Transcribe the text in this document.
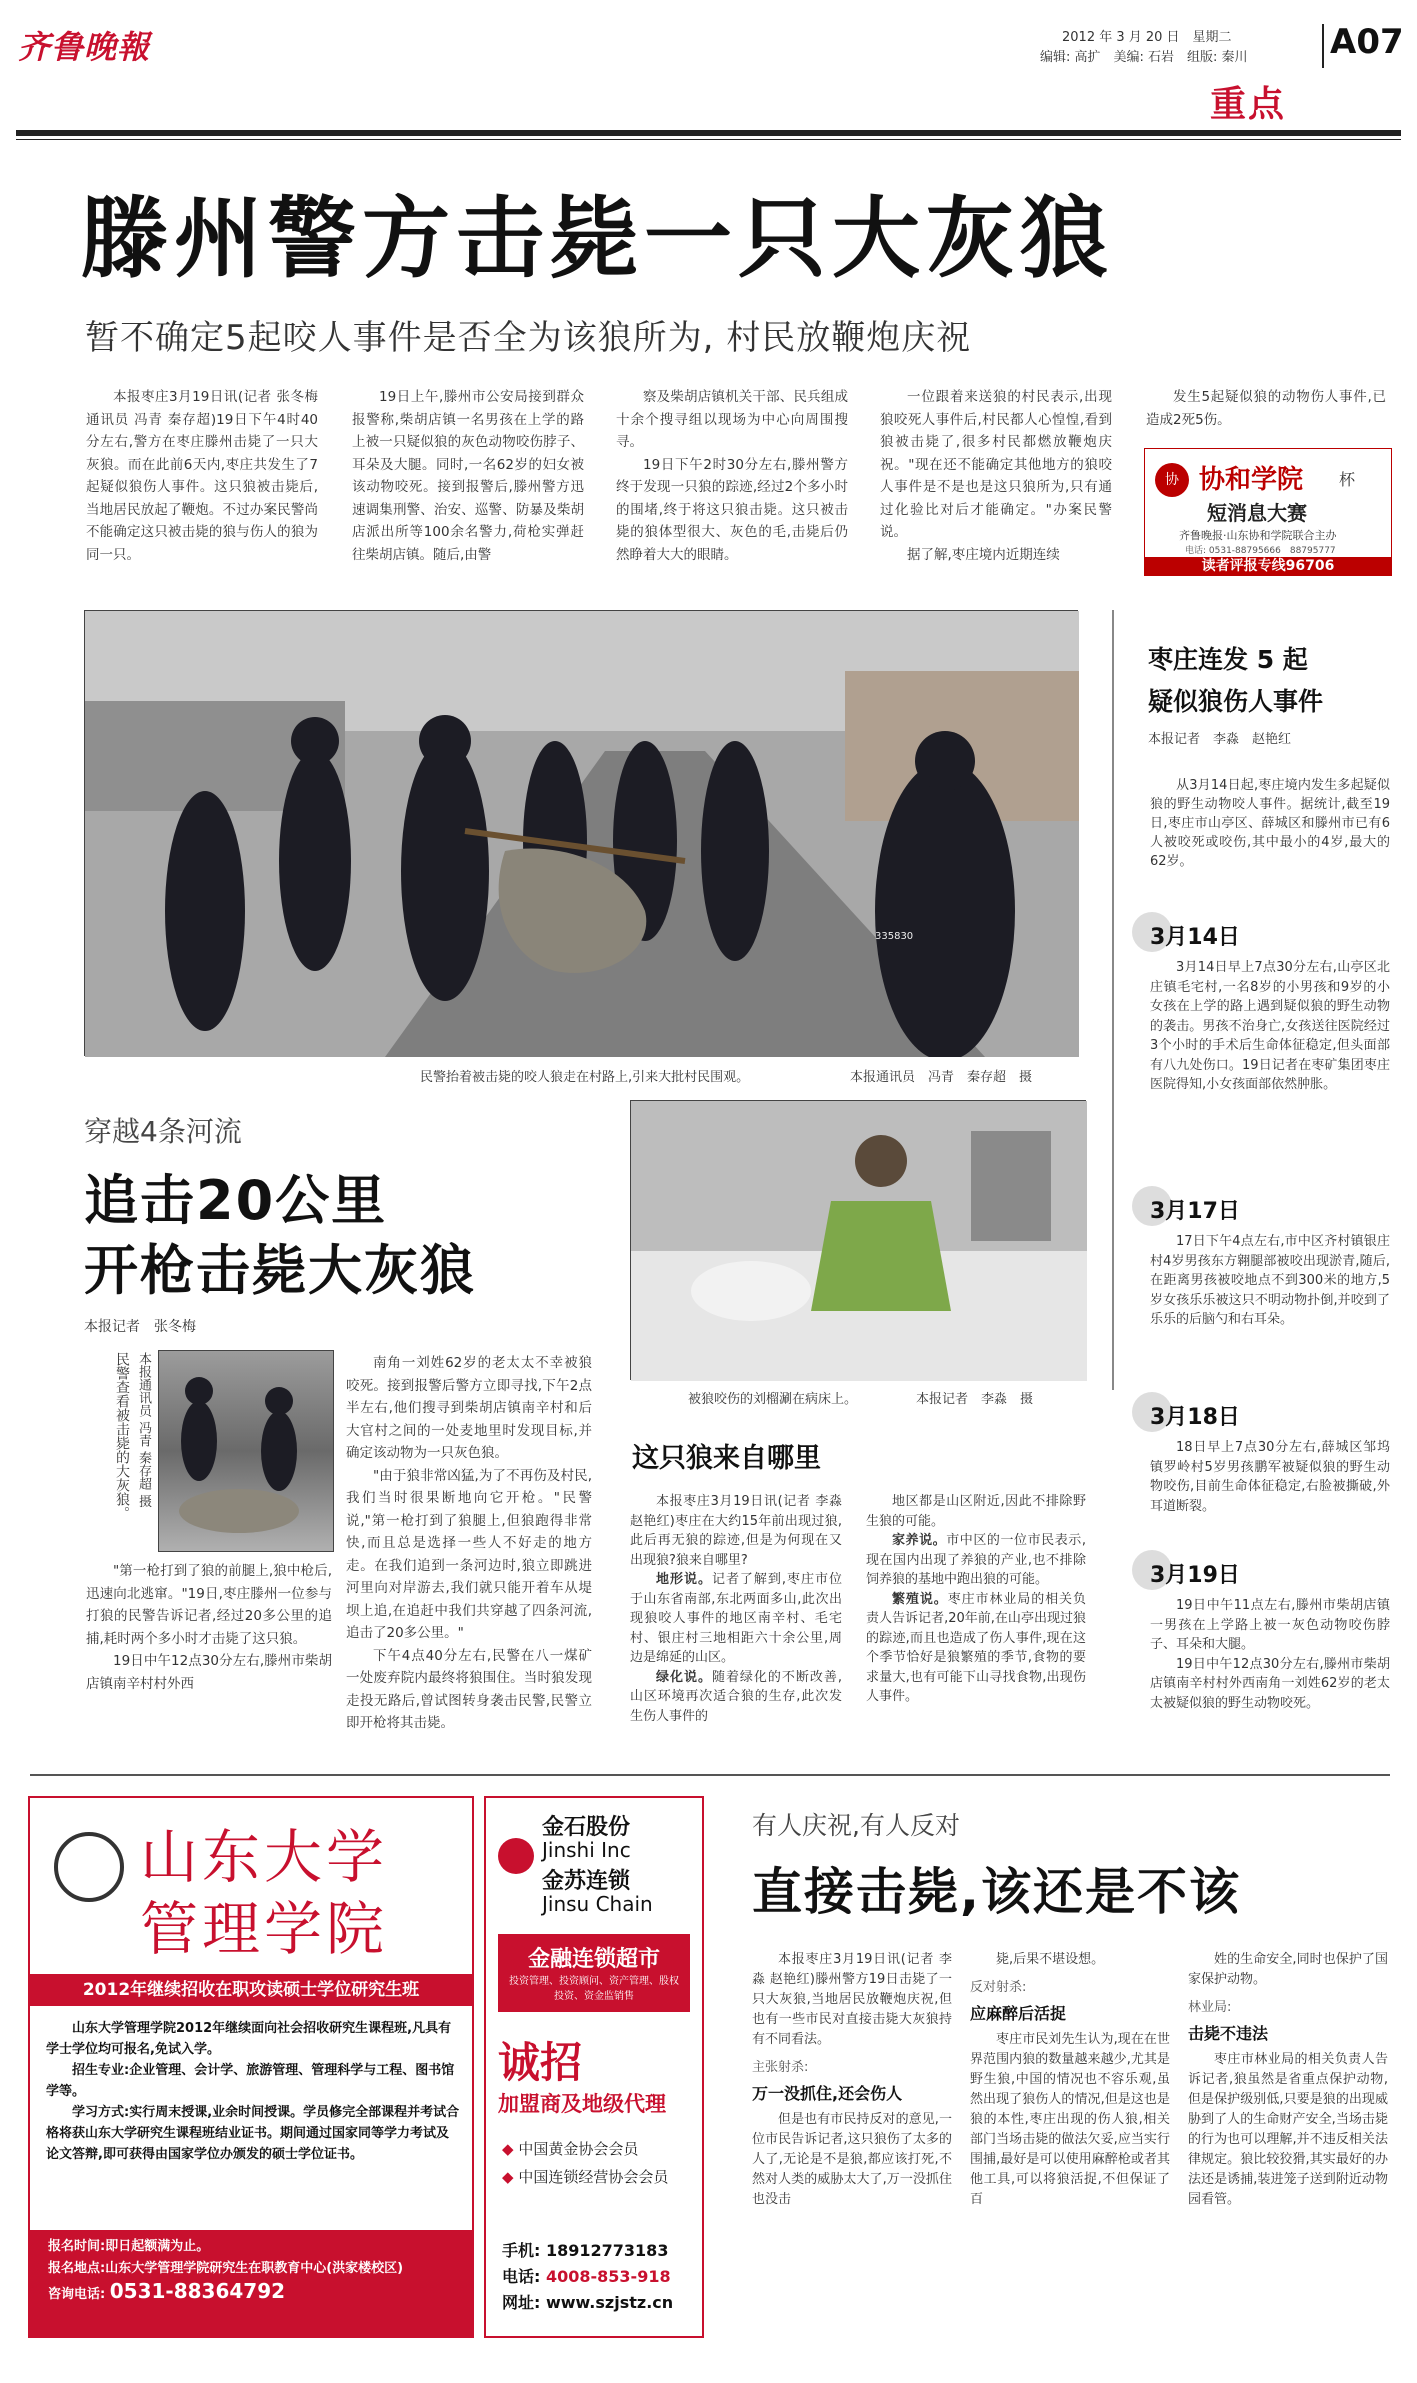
齐鲁晚報	2012 年 3 月 20 日　星期二
编辑: 高扩　美编: 石岩　组版: 秦川	A07
重点
滕州警方击毙一只大灰狼
暂不确定5起咬人事件是否全为该狼所为, 村民放鞭炮庆祝

本报枣庄3月19日讯(记者 张冬梅 通讯员 冯青 秦存超)19日下午4时40分左右,警方在枣庄滕州击毙了一只大灰狼。而在此前6天内,枣庄共发生了7起疑似狼伤人事件。这只狼被击毙后,当地居民放起了鞭炮。不过办案民警尚不能确定这只被击毙的狼与伤人的狼为同一只。

19日上午,滕州市公安局接到群众报警称,柴胡店镇一名男孩在上学的路上被一只疑似狼的灰色动物咬伤脖子、耳朵及大腿。同时,一名62岁的妇女被该动物咬死。接到报警后,滕州警方迅速调集刑警、治安、巡警、防暴及柴胡店派出所等100余名警力,荷枪实弹赶往柴胡店镇。随后,由警

察及柴胡店镇机关干部、民兵组成十余个搜寻组以现场为中心向周围搜寻。

19日下午2时30分左右,滕州警方终于发现一只狼的踪迹,经过2个多小时的围堵,终于将这只狼击毙。这只被击毙的狼体型很大、灰色的毛,击毙后仍然睁着大大的眼睛。

一位跟着来送狼的村民表示,出现狼咬死人事件后,村民都人心惶惶,看到狼被击毙了,很多村民都燃放鞭炮庆祝。"现在还不能确定其他地方的狼咬人事件是不是也是这只狼所为,只有通过化验比对后才能确定。"办案民警说。

据了解,枣庄境内近期连续

发生5起疑似狼的动物伤人事件,已造成2死5伤。

协 协和学院	杯
短消息大赛
齐鲁晚报·山东协和学院联合主办
电话: 0531-88795666　88795777
读者评报专线96706
335830
民警抬着被击毙的咬人狼走在村路上,引来大批村民围观。	本报通讯员　冯青　秦存超　摄
枣庄连发 5 起
疑似狼伤人事件
本报记者　李淼　赵艳红

从3月14日起,枣庄境内发生多起疑似狼的野生动物咬人事件。据统计,截至19日,枣庄市山亭区、薛城区和滕州市已有6人被咬死或咬伤,其中最小的4岁,最大的62岁。

3月14日

3月14日早上7点30分左右,山亭区北庄镇毛宅村,一名8岁的小男孩和9岁的小女孩在上学的路上遇到疑似狼的野生动物的袭击。男孩不治身亡,女孩送往医院经过3个小时的手术后生命体征稳定,但头面部有八九处伤口。19日记者在枣矿集团枣庄医院得知,小女孩面部依然肿胀。

3月17日

17日下午4点左右,市中区齐村镇银庄村4岁男孩东方翱腿部被咬出现淤青,随后,在距离男孩被咬地点不到300米的地方,5岁女孩乐乐被这只不明动物扑倒,并咬到了乐乐的后脑勺和右耳朵。

3月18日

18日早上7点30分左右,薛城区邹坞镇罗岭村5岁男孩鹏军被疑似狼的野生动物咬伤,目前生命体征稳定,右脸被撕破,外耳道断裂。

3月19日

19日中午11点左右,滕州市柴胡店镇一男孩在上学路上被一灰色动物咬伤脖子、耳朵和大腿。

19日中午12点30分左右,滕州市柴胡店镇南辛村村外西南角一刘姓62岁的老太太被疑似狼的野生动物咬死。

穿越4条河流
追击20公里
开枪击毙大灰狼
本报记者　张冬梅
民警查看被击毙的大灰狼。 本报通讯员 冯青 秦存超 摄

"第一枪打到了狼的前腿上,狼中枪后,迅速向北逃窜。"19日,枣庄滕州一位参与打狼的民警告诉记者,经过20多公里的追捕,耗时两个多小时才击毙了这只狼。

19日中午12点30分左右,滕州市柴胡店镇南辛村村外西

南角一刘姓62岁的老太太不幸被狼咬死。接到报警后警方立即寻找,下午2点半左右,他们搜寻到柴胡店镇南辛村和后大官村之间的一处麦地里时发现目标,并确定该动物为一只灰色狼。

"由于狼非常凶猛,为了不再伤及村民,我们当时很果断地向它开枪。"民警说,"第一枪打到了狼腿上,但狼跑得非常快,而且总是选择一些人不好走的地方走。在我们追到一条河边时,狼立即跳进河里向对岸游去,我们就只能开着车从堤坝上追,在追赶中我们共穿越了四条河流,追击了20多公里。"

下午4点40分左右,民警在八一煤矿一处废弃院内最终将狼围住。当时狼发现走投无路后,曾试图转身袭击民警,民警立即开枪将其击毙。

被狼咬伤的刘榴涮在病床上。	本报记者　李淼　摄
这只狼来自哪里

本报枣庄3月19日讯(记者 李淼 赵艳红)枣庄在大约15年前出现过狼,此后再无狼的踪迹,但是为何现在又出现狼?狼来自哪里?

地形说。记者了解到,枣庄市位于山东省南部,东北两面多山,此次出现狼咬人事件的地区南辛村、毛宅村、银庄村三地相距六十余公里,周边是绵延的山区。

绿化说。随着绿化的不断改善,山区环境再次适合狼的生存,此次发生伤人事件的

地区都是山区附近,因此不排除野生狼的可能。

家养说。市中区的一位市民表示,现在国内出现了养狼的产业,也不排除饲养狼的基地中跑出狼的可能。

繁殖说。枣庄市林业局的相关负责人告诉记者,20年前,在山亭出现过狼的踪迹,而且也造成了伤人事件,现在这个季节恰好是狼繁殖的季节,食物的要求量大,也有可能下山寻找食物,出现伤人事件。

山东大学
管理学院
2012年继续招收在职攻读硕士学位研究生班

山东大学管理学院2012年继续面向社会招收研究生课程班,凡具有学士学位均可报名,免试入学。

招生专业:企业管理、会计学、旅游管理、管理科学与工程、图书馆学等。

学习方式:实行周末授课,业余时间授课。学员修完全部课程并考试合格将获山东大学研究生课程班结业证书。期间通过国家同等学力考试及论文答辩,即可获得由国家学位办颁发的硕士学位证书。

报名时间:即日起额满为止。
报名地点:山东大学管理学院研究生在职教育中心(洪家楼校区)
咨询电话: 0531-88364792
金石股份
Jinshi Inc
金苏连锁
Jinsu Chain
金融连锁超市
投资管理、投资顾问、资产管理、股权投资、资金监销售
诚招
加盟商及地级代理
◆ 中国黄金协会会员
◆ 中国连锁经营协会会员
手机: 18912773183
电话: 4008-853-918
网址: www.szjstz.cn
有人庆祝,有人反对
直接击毙,该还是不该

本报枣庄3月19日讯(记者 李淼 赵艳红)滕州警方19日击毙了一只大灰狼,当地居民放鞭炮庆祝,但也有一些市民对直接击毙大灰狼持有不同看法。

主张射杀:
万一没抓住,还会伤人

但是也有市民持反对的意见,一位市民告诉记者,这只狼伤了太多的人了,无论是不是狼,都应该打死,不然对人类的威胁太大了,万一没抓住也没击

毙,后果不堪设想。

反对射杀:
应麻醉后活捉

枣庄市民刘先生认为,现在在世界范围内狼的数量越来越少,尤其是野生狼,中国的情况也不容乐观,虽然出现了狼伤人的情况,但是这也是狼的本性,枣庄出现的伤人狼,相关部门当场击毙的做法欠妥,应当实行围捕,最好是可以使用麻醉枪或者其他工具,可以将狼活捉,不但保证了百

姓的生命安全,同时也保护了国家保护动物。

林业局:
击毙不违法

枣庄市林业局的相关负责人告诉记者,狼虽然是省重点保护动物,但是保护级别低,只要是狼的出现威胁到了人的生命财产安全,当场击毙的行为也可以理解,并不违反相关法律规定。狼比较狡猾,其实最好的办法还是诱捕,装进笼子送到附近动物园看管。
